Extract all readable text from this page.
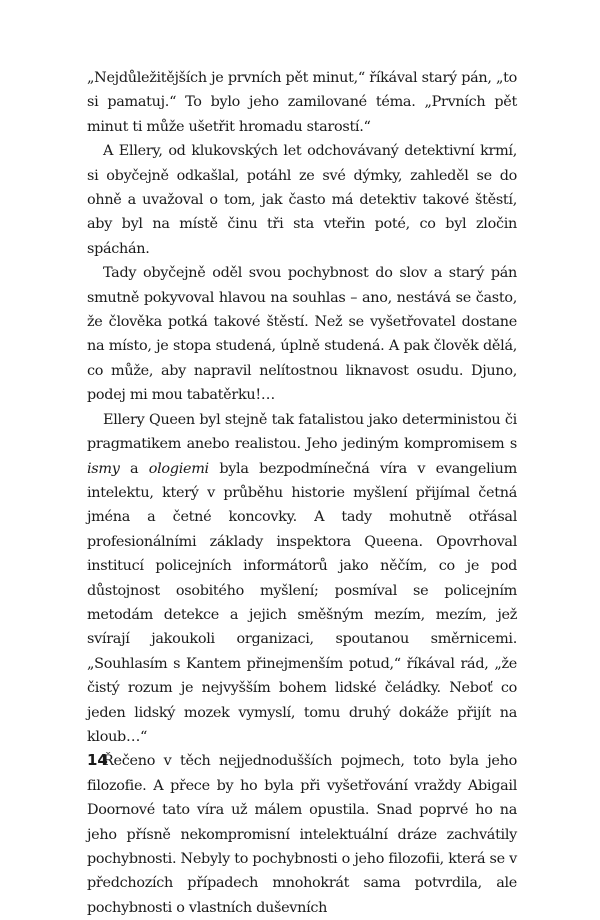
„Nejdůležitějších je prvních pět minut,“ říkával starý pán, „to si pamatuj.“ To bylo jeho zamilované téma. „Prvních pět minut ti může ušetřit hromadu starostí.“

A Ellery, od klukovských let odchovávaný detektivní krmí, si obyčejně odkašlal, potáhl ze své dýmky, zahleděl se do ohně a uvažoval o tom, jak často má detektiv takové štěstí, aby byl na místě činu tři sta vteřin poté, co byl zločin spáchán.

Tady obyčejně oděl svou pochybnost do slov a starý pán smutně pokyvoval hlavou na souhlas – ano, nestává se často, že člověka potká takové štěstí. Než se vyšetřovatel dostane na místo, je stopa studená, úplně studená. A pak člověk dělá, co může, aby napravil nelítostnou liknavost osudu. Djuno, podej mi mou tabatěrku!…

Ellery Queen byl stejně tak fatalistou jako deterministou či pragmatikem anebo realistou. Jeho jediným kompromisem s ismy a ologiemi byla bezpodmínečná víra v evangelium intelektu, který v průběhu historie myšlení přijímal četná jména a četné koncovky. A tady mohutně otřásal profesionálními základy inspektora Queena. Opovrhoval institucí policejních informátorů jako něčím, co je pod důstojnost osobitého myšlení; posmíval se policejním metodám detekce a jejich směšným mezím, mezím, jež svírají jakoukoli organizaci, spoutanou směrnicemi. „Souhlasím s Kantem přinejmenším potud,“ říkával rád, „že čistý rozum je nejvyšším bohem lidské čeládky. Neboť co jeden lidský mozek vymyslí, tomu druhý dokáže přijít na kloub…“

Řečeno v těch nejjednodušších pojmech, toto byla jeho filozofie. A přece by ho byla při vyšetřování vraždy Abigail Doornové tato víra už málem opustila. Snad poprvé ho na jeho přísně nekompromisní intelektuální dráze zachvátily pochybnosti. Nebyly to pochybnosti o jeho filozofii, která se v předchozích případech mnohokrát sama potvrdila, ale pochybnosti o vlastních duševních

14
